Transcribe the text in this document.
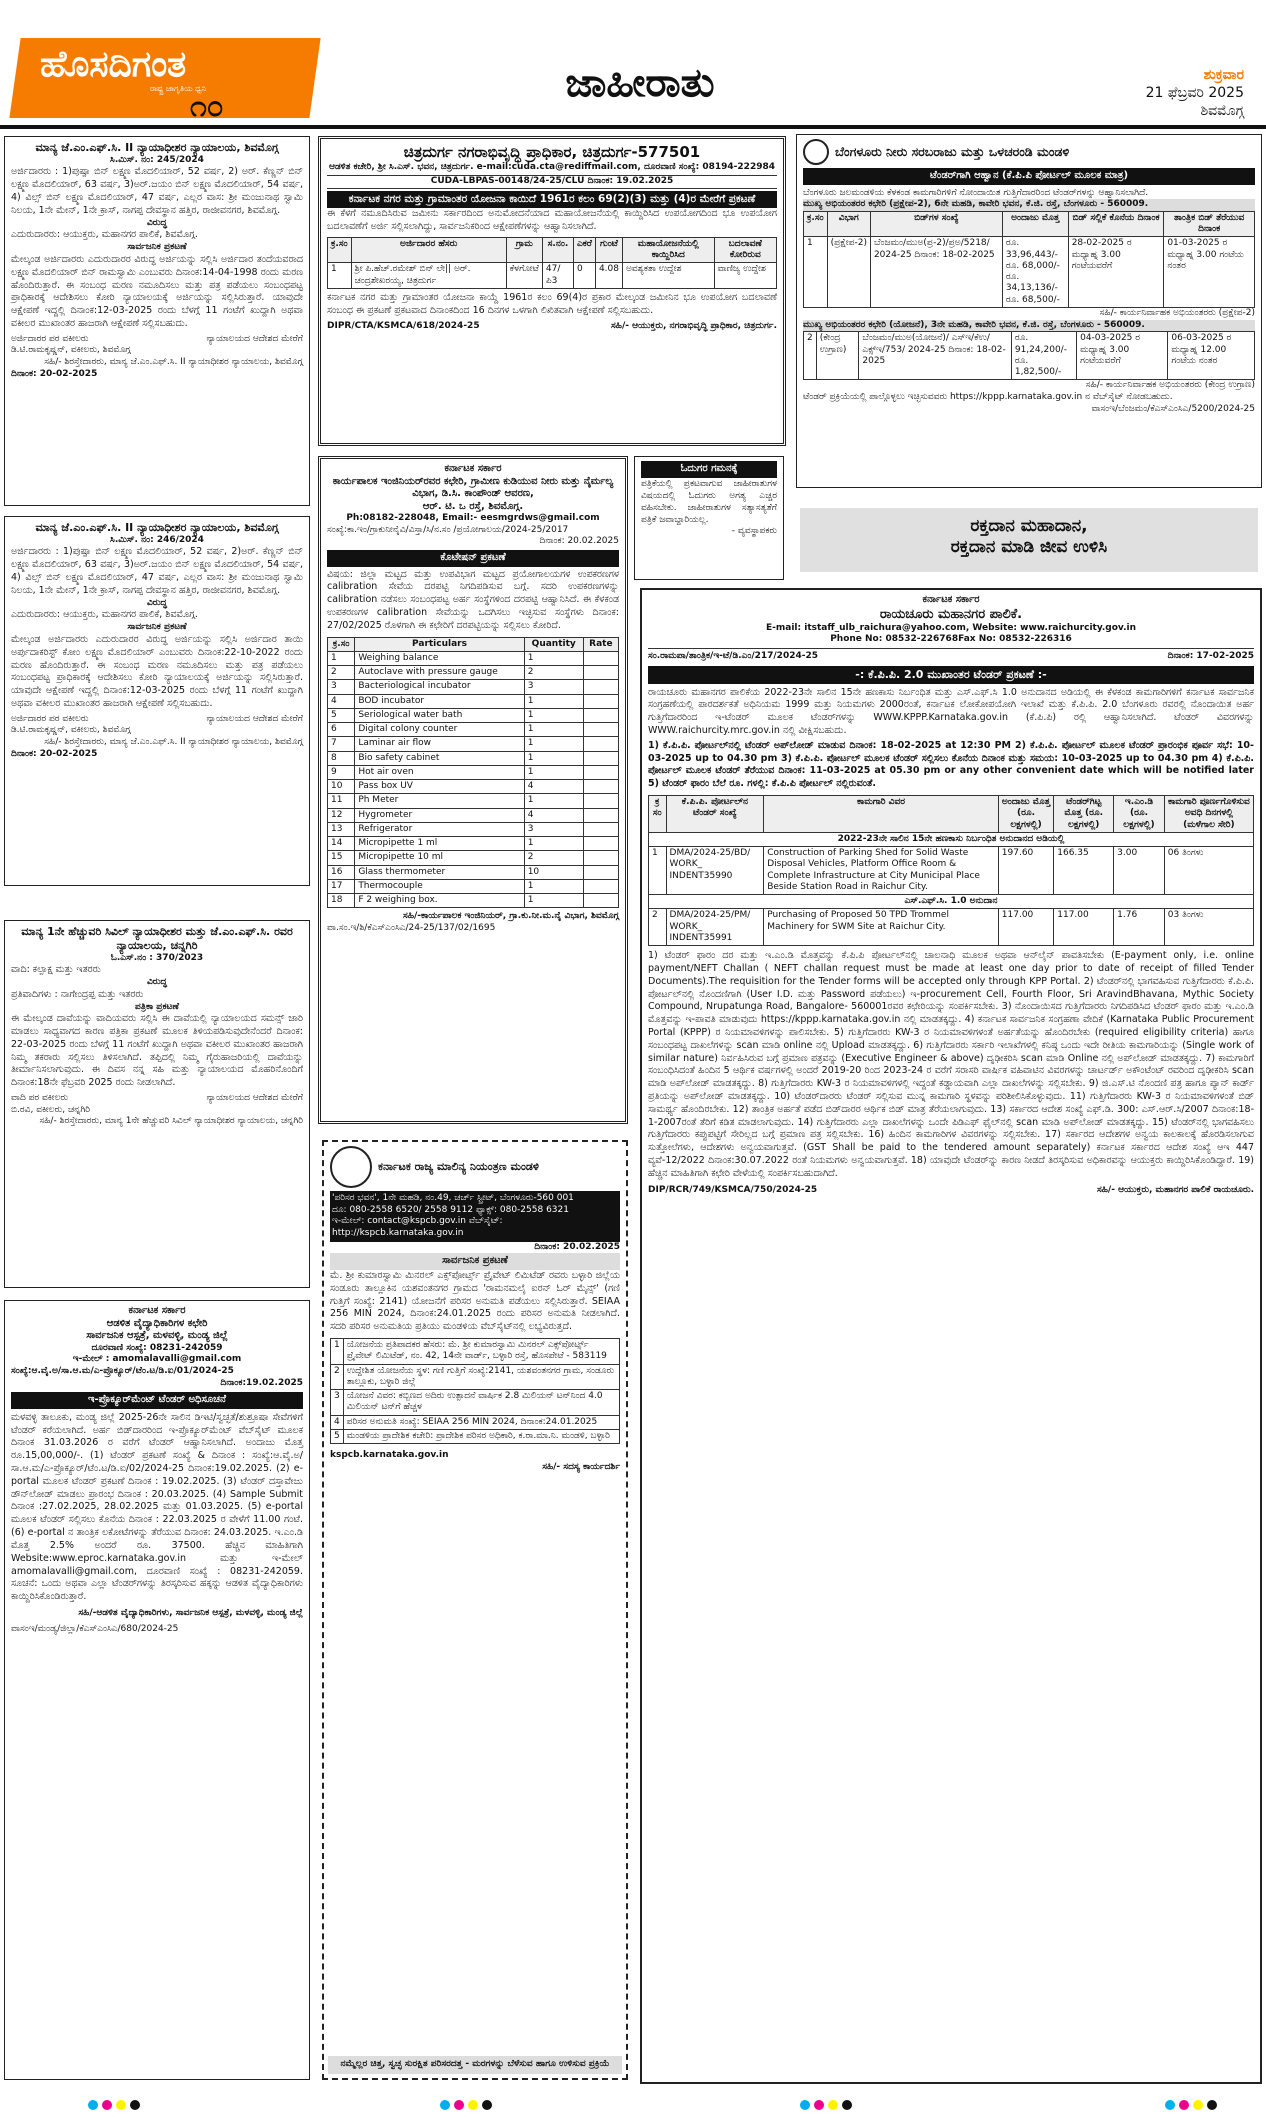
ಹೊಸದಿಗಂತ
ರಾಷ್ಟ್ರ ಜಾಗೃತಿಯ ಧ್ವನಿ
೧೦
ಜಾಹೀರಾತು	ಶುಕ್ರವಾರ
21 ಫೆಬ್ರವರಿ 2025
ಶಿವಮೊಗ್ಗ
ಮಾನ್ಯ ಜೆ.ಎಂ.ಎಫ್.ಸಿ. II ನ್ಯಾಯಾಧೀಶರ ನ್ಯಾಯಾಲಯ, ಶಿವಮೊಗ್ಗ
ಸಿ.ಮಿಸ್. ನಂ: 245/2024
ಅರ್ಜಿದಾರರು : 1)ಪುಷ್ಪಾ ಬಿನ್ ಲಕ್ಷ್ಮಣ ಮೊದಲಿಯಾರ್, 52 ವರ್ಷ, 2) ಅರ್. ಕೆಣ್ಣನ್ ಬಿನ್ ಲಕ್ಷ್ಮಣ ಮೊದಲಿಯಾರ್, 63 ವರ್ಷ, 3)ಅರ್.ಜಯಂ ಬಿನ್ ಲಕ್ಷ್ಮಣ ಮೊದಲಿಯಾರ್, 54 ವರ್ಷ, 4) ವಿಲ್ಸ್ ಬಿನ್ ಲಕ್ಷ್ಮಣ ಮೊದಲಿಯಾರ್, 47 ವರ್ಷ, ಎಲ್ಲರ ವಾಸ: ಶ್ರೀ ಮಂಜುನಾಥ ಸ್ವಾಮಿ ನಿಲಯ, 1ನೇ ಮೇನ್, 1ನೇ ಕ್ರಾಸ್, ನಾಗಪ್ಪ ದೇವಸ್ಥಾನ ಹತ್ತಿರ, ರಾಜೀವನಗರ, ಶಿವಮೊಗ್ಗ.
ವಿರುದ್ಧ
ಎದುರುದಾರರು: ಆಯುಕ್ತರು, ಮಹಾನಗರ ಪಾಲಿಕೆ, ಶಿವಮೊಗ್ಗ.
ಸಾರ್ವಜನಿಕ ಪ್ರಕಟಣೆ
ಮೇಲ್ಕಂಡ ಅರ್ಜಿದಾರರು ಎದುರುದಾರರ ವಿರುದ್ಧ ಅರ್ಜಿಯನ್ನು ಸಲ್ಲಿಸಿ ಅರ್ಜಿದಾರ ತಂದೆಯವರಾದ ಲಕ್ಷ್ಮಣ ಮೊದಲಿಯಾರ್ ಬಿನ್ ರಾಮಸ್ವಾಮಿ ಎಂಬುವರು ದಿನಾಂಕ:14-04-1998 ರಂದು ಮರಣ ಹೊಂದಿರುತ್ತಾರೆ. ಈ ಸಂಬಂಧ ಮರಣ ನಮೂದಿಸಲು ಮತ್ತು ಪತ್ರ ಪಡೆಯಲು ಸಂಬಂಧಪಟ್ಟ ಪ್ರಾಧಿಕಾರಕ್ಕೆ ಆದೇಶಿಸಲು ಕೋರಿ ನ್ಯಾಯಾಲಯಕ್ಕೆ ಅರ್ಜಿಯನ್ನು ಸಲ್ಲಿಸಿರುತ್ತಾರೆ. ಯಾವುದೇ ಆಕ್ಷೇಪಣೆ ಇದ್ದಲ್ಲಿ ದಿನಾಂಕ:12-03-2025 ರಂದು ಬೆಳಗ್ಗೆ 11 ಗಂಟೆಗೆ ಖುದ್ದಾಗಿ ಅಥವಾ ವಕೀಲರ ಮುಖಾಂತರ ಹಾಜರಾಗಿ ಆಕ್ಷೇಪಣೆ ಸಲ್ಲಿಸಬಹುದು.
ಅರ್ಜಿದಾರರ ಪರ ವಕೀಲರು	ನ್ಯಾಯಾಲಯದ ಆದೇಶದ ಮೇರೆಗೆ
ಡಿ.ಟಿ.ರಾಮಕೃಷ್ಣನ್, ವಕೀಲರು, ಶಿವಮೊಗ್ಗ
ಸಹಿ/- ಶಿರಸ್ತೇದಾರರು, ಮಾನ್ಯ ಜೆ.ಎಂ.ಎಫ್.ಸಿ. II ನ್ಯಾಯಾಧೀಶರ ನ್ಯಾಯಾಲಯ, ಶಿವಮೊಗ್ಗ
ದಿನಾಂಕ: 20-02-2025
ಮಾನ್ಯ ಜೆ.ಎಂ.ಎಫ್.ಸಿ. II ನ್ಯಾಯಾಧೀಶರ ನ್ಯಾಯಾಲಯ, ಶಿವಮೊಗ್ಗ
ಸಿ.ಮಿಸ್. ನಂ: 246/2024
ಅರ್ಜಿದಾರರು : 1)ಪುಷ್ಪಾ ಬಿನ್ ಲಕ್ಷ್ಮಣ ಮೊದಲಿಯಾರ್, 52 ವರ್ಷ, 2)ಅರ್. ಕೆಣ್ಣನ್ ಬಿನ್ ಲಕ್ಷ್ಮಣ ಮೊದಲಿಯಾರ್, 63 ವರ್ಷ, 3)ಅರ್.ಜಯಂ ಬಿನ್ ಲಕ್ಷ್ಮಣ ಮೊದಲಿಯಾರ್, 54 ವರ್ಷ, 4) ವಿಲ್ಸ್ ಬಿನ್ ಲಕ್ಷ್ಮಣ ಮೊದಲಿಯಾರ್, 47 ವರ್ಷ, ಎಲ್ಲರ ವಾಸ: ಶ್ರೀ ಮಂಜುನಾಥ ಸ್ವಾಮಿ ನಿಲಯ, 1ನೇ ಮೇನ್, 1ನೇ ಕ್ರಾಸ್, ನಾಗಪ್ಪ ದೇವಸ್ಥಾನ ಹತ್ತಿರ, ರಾಜೀವನಗರ, ಶಿವಮೊಗ್ಗ.
ವಿರುದ್ಧ
ಎದುರುದಾರರು: ಆಯುಕ್ತರು, ಮಹಾನಗರ ಪಾಲಿಕೆ, ಶಿವಮೊಗ್ಗ.
ಸಾರ್ವಜನಿಕ ಪ್ರಕಟಣೆ
ಮೇಲ್ಕಂಡ ಅರ್ಜಿದಾರರು ಎದುರುದಾರರ ವಿರುದ್ಧ ಅರ್ಜಿಯನ್ನು ಸಲ್ಲಿಸಿ ಅರ್ಜಿದಾರ ತಾಯಿ ಅರ್ಪುದಾಕರಿಸ್ಟ್ ಕೋಂ ಲಕ್ಷ್ಮಣ ಮೊದಲಿಯಾರ್ ಎಂಬುವರು ದಿನಾಂಕ:22-10-2022 ರಂದು ಮರಣ ಹೊಂದಿರುತ್ತಾರೆ. ಈ ಸಂಬಂಧ ಮರಣ ನಮೂದಿಸಲು ಮತ್ತು ಪತ್ರ ಪಡೆಯಲು ಸಂಬಂಧಪಟ್ಟ ಪ್ರಾಧಿಕಾರಕ್ಕೆ ಆದೇಶಿಸಲು ಕೋರಿ ನ್ಯಾಯಾಲಯಕ್ಕೆ ಅರ್ಜಿಯನ್ನು ಸಲ್ಲಿಸಿರುತ್ತಾರೆ. ಯಾವುದೇ ಆಕ್ಷೇಪಣೆ ಇದ್ದಲ್ಲಿ ದಿನಾಂಕ:12-03-2025 ರಂದು ಬೆಳಗ್ಗೆ 11 ಗಂಟೆಗೆ ಖುದ್ದಾಗಿ ಅಥವಾ ವಕೀಲರ ಮುಖಾಂತರ ಹಾಜರಾಗಿ ಆಕ್ಷೇಪಣೆ ಸಲ್ಲಿಸಬಹುದು.
ಅರ್ಜಿದಾರರ ಪರ ವಕೀಲರು	ನ್ಯಾಯಾಲಯದ ಆದೇಶದ ಮೇರೆಗೆ
ಡಿ.ಟಿ.ರಾಮಕೃಷ್ಣನ್, ವಕೀಲರು, ಶಿವಮೊಗ್ಗ
ಸಹಿ/- ಶಿರಸ್ತೇದಾರರು, ಮಾನ್ಯ ಜೆ.ಎಂ.ಎಫ್.ಸಿ. II ನ್ಯಾಯಾಧೀಶರ ನ್ಯಾಯಾಲಯ, ಶಿವಮೊಗ್ಗ
ದಿನಾಂಕ: 20-02-2025
ಮಾನ್ಯ 1ನೇ ಹೆಚ್ಚುವರಿ ಸಿವಿಲ್ ನ್ಯಾಯಾಧೀಶರ ಮತ್ತು ಜೆ.ಎಂ.ಎಫ್.ಸಿ. ರವರ ನ್ಯಾಯಾಲಯ, ಚನ್ನಗಿರಿ
ಓ.ಎಸ್.ನಂ : 370/2023
ವಾದಿ: ಕಲ್ಪಾಕ್ಷ ಮತ್ತು ಇತರರು
ವಿರುದ್ಧ
ಪ್ರತಿವಾದಿಗಳು : ನಾಗೇಂದ್ರಪ್ಪ ಮತ್ತು ಇತರರು
ಪತ್ರಿಕಾ ಪ್ರಕಟಣೆ
ಈ ಮೇಲ್ಕಂಡ ದಾವೆಯನ್ನು ವಾದಿಯವರು ಸಲ್ಲಿಸಿ ಈ ದಾವೆಯಲ್ಲಿ ನ್ಯಾಯಾಲಯದ ಸಮನ್ಸ್ ಜಾರಿ ಮಾಡಲು ಸಾಧ್ಯವಾಗದ ಕಾರಣ ಪತ್ರಿಕಾ ಪ್ರಕಟಣೆ ಮೂಲಕ ತಿಳಿಯಪಡಿಸುವುದೇನೆಂದರೆ ದಿನಾಂಕ: 22-03-2025 ರಂದು ಬೆಳಗ್ಗೆ 11 ಗಂಟೆಗೆ ಖುದ್ದಾಗಿ ಅಥವಾ ವಕೀಲರ ಮುಖಾಂತರ ಹಾಜರಾಗಿ ನಿಮ್ಮ ತಕರಾರು ಸಲ್ಲಿಸಲು ತಿಳಿಸಲಾಗಿದೆ. ತಪ್ಪಿದಲ್ಲಿ ನಿಮ್ಮ ಗೈರುಹಾಜರಿಯಲ್ಲಿ ದಾವೆಯನ್ನು ತೀರ್ಮಾನಿಸಲಾಗುವುದು. ಈ ದಿವಸ ನನ್ನ ಸಹಿ ಮತ್ತು ನ್ಯಾಯಾಲಯದ ಮೊಹರಿನೊಂದಿಗೆ ದಿನಾಂಕ:18ನೇ ಫೆಬ್ರವರಿ 2025 ರಂದು ನೀಡಲಾಗಿದೆ.
ವಾದಿ ಪರ ವಕೀಲರು	ನ್ಯಾಯಾಲಯದ ಆದೇಶದ ಮೇರೆಗೆ
ಬಿ.ರವಿ, ವಕೀಲರು, ಚನ್ನಗಿರಿ
ಸಹಿ/- ಶಿರಸ್ತೇದಾರರು, ಮಾನ್ಯ 1ನೇ ಹೆಚ್ಚುವರಿ ಸಿವಿಲ್ ನ್ಯಾಯಾಧೀಶರ ನ್ಯಾಯಾಲಯ, ಚನ್ನಗಿರಿ
ಕರ್ನಾಟಕ ಸರ್ಕಾರ
ಆಡಳಿತ ವೈದ್ಯಾಧಿಕಾರಿಗಳ ಕಛೇರಿ
ಸಾರ್ವಜನಿಕ ಆಸ್ಪತ್ರೆ, ಮಳವಳ್ಳಿ, ಮಂಡ್ಯ ಜಿಲ್ಲೆ
ದೂರವಾಣಿ ಸಂಖ್ಯೆ: 08231-242059
ಇ-ಮೇಲ್ : amomalavalli@gmail.com
ಸಂಖ್ಯೆ:ಆ.ವೈ.ಅ/ಸಾ.ಆ.ಮ/ಎ-ಪ್ರೊಕ್ಯೂರ್/ಟೆಂ.ಟ/ಡಿ.ಐ/01/2024-25
ದಿನಾಂಕ:19.02.2025
ಇ-ಪ್ರೊಕ್ಯೂರ್‌ಮೆಂಟ್ ಟೆಂಡರ್ ಅಧಿಸೂಚನೆ
ಮಳವಳ್ಳಿ ತಾಲೂಕು, ಮಂಡ್ಯ ಜಿಲ್ಲೆ 2025-26ನೇ ಸಾಲಿನ ಡಿಇಟಿ/ಸ್ವಚ್ಛತೆ/ಶುಶ್ರೂಷಾ ಸೇವೆಗಳಿಗೆ ಟೆಂಡರ್ ಕರೆಯಲಾಗಿದೆ. ಅರ್ಹ ಬಿಡ್‌ದಾರರಿಂದ ಇ-ಪ್ರೊಕ್ಯೂರ್‌ಮೆಂಟ್ ವೆಬ್‌ಸೈಟ್ ಮೂಲಕ ದಿನಾಂಕ 31.03.2026 ರ ವರೆಗೆ ಟೆಂಡರ್ ಆಹ್ವಾನಿಸಲಾಗಿದೆ. ಅಂದಾಜು ಮೊತ್ತ ರೂ.15,00,000/-. (1) ಟೆಂಡರ್ ಪ್ರಕಟಣೆ ಸಂಖ್ಯೆ & ದಿನಾಂಕ : ಸಂಖ್ಯೆ:ಆ.ವೈ.ಅ/ಸಾ.ಆ.ಮ/ಎ-ಪ್ರೊಕ್ಯೂರ್/ಟೆಂ.ಟ/ಡಿ.ಐ/02/2024-25 ದಿನಾಂಕ:19.02.2025. (2) e-portal ಮೂಲಕ ಟೆಂಡರ್ ಪ್ರಕಟಣೆ ದಿನಾಂಕ : 19.02.2025. (3) ಟೆಂಡರ್ ದಸ್ತಾವೇಜು ಡೌನ್‌ಲೋಡ್ ಮಾಡಲು ಪ್ರಾರಂಭ ದಿನಾಂಕ : 20.03.2025. (4) Sample Submit ದಿನಾಂಕ :27.02.2025, 28.02.2025 ಮತ್ತು 01.03.2025. (5) e-portal ಮೂಲಕ ಟೆಂಡರ್ ಸಲ್ಲಿಸಲು ಕೊನೆಯ ದಿನಾಂಕ : 22.03.2025 ರ ವೇಳೆಗೆ 11.00 ಗಂಟೆ. (6) e-portal ನ ತಾಂತ್ರಿಕ ಲಕೋಟೆಗಳನ್ನು ತೆರೆಯುವ ದಿನಾಂಕ: 24.03.2025. ಇ.ಎಂ.ಡಿ ಮೊತ್ತ 2.5% ಅಂದರೆ ರೂ. 37500. ಹೆಚ್ಚಿನ ಮಾಹಿತಿಗಾಗಿ Website:www.eproc.karnataka.gov.in ಮತ್ತು ಇ-ಮೇಲ್ amomalavalli@gmail.com, ದೂರವಾಣಿ ಸಂಖ್ಯೆ : 08231-242059. ಸೂಚನೆ: ಒಂದು ಅಥವಾ ಎಲ್ಲಾ ಟೆಂಡರ್‌ಗಳನ್ನು ತಿರಸ್ಕರಿಸುವ ಹಕ್ಕನ್ನು ಆಡಳಿತ ವೈದ್ಯಾಧಿಕಾರಿಗಳು ಕಾಯ್ದಿರಿಸಿಕೊಂಡಿರುತ್ತಾರೆ.
ಸಹಿ/-ಆಡಳಿತ ವೈದ್ಯಾಧಿಕಾರಿಗಳು, ಸಾರ್ವಜನಿಕ ಆಸ್ಪತ್ರೆ, ಮಳವಳ್ಳಿ, ಮಂಡ್ಯ ಜಿಲ್ಲೆ
ವಾಸಂಇ/ಮಂಡ್ಯ/ಜಿಲ್ಲಾ/ಕೆಎಸ್‌ಎಂಸಿಎ/680/2024-25
ಚಿತ್ರದುರ್ಗ ನಗರಾಭಿವೃದ್ಧಿ ಪ್ರಾಧಿಕಾರ, ಚಿತ್ರದುರ್ಗ-577501
ಆಡಳಿತ ಕಚೇರಿ, ಶ್ರೀ ಸಿ.ಎಸ್. ಭವನ, ಚಿತ್ರದುರ್ಗ. e-mail:cuda.cta@rediffmail.com, ದೂರವಾಣಿ ಸಂಖ್ಯೆ: 08194-222984
CUDA-LBPAS-00148/24-25/CLU ದಿನಾಂಕ: 19.02.2025
ಕರ್ನಾಟಕ ನಗರ ಮತ್ತು ಗ್ರಾಮಾಂತರ ಯೋಜನಾ ಕಾಯಿದೆ 1961ರ ಕಲಂ 69(2)(3) ಮತ್ತು (4)ರ ಮೇರೆಗೆ ಪ್ರಕಟಣೆ
ಈ ಕೆಳಗೆ ನಮೂದಿಸಿರುವ ಜಮೀನು ಸರ್ಕಾರದಿಂದ ಅನುಮೋದನೆಯಾದ ಮಹಾಯೋಜನೆಯಲ್ಲಿ ಕಾಯ್ದಿರಿಸಿದ ಉಪಯೋಗದಿಂದ ಭೂ ಉಪಯೋಗ ಬದಲಾವಣೆಗೆ ಅರ್ಜಿ ಸಲ್ಲಿಸಲಾಗಿದ್ದು, ಸಾರ್ವಜನಿಕರಿಂದ ಆಕ್ಷೇಪಣೆಗಳನ್ನು ಆಹ್ವಾನಿಸಲಾಗಿದೆ.
ಕ್ರ.ಸಂ	ಅರ್ಜಿದಾರರ ಹೆಸರು	ಗ್ರಾಮ	ಸ.ನಂ.	ಎಕರೆ	ಗುಂಟೆ	ಮಹಾಯೋಜನೆಯಲ್ಲಿ ಕಾಯ್ದಿರಿಸಿದ	ಬದಲಾವಣೆ ಕೋರಿರುವ
1	ಶ್ರೀ ಪಿ.ಹೆಚ್.ರಮೇಶ್ ಬಿನ್ ಲೇ|| ಅರ್. ಚಂದ್ರಶೇಖರಯ್ಯ, ಚಿತ್ರದುರ್ಗ	ಕೆಳಗೋಟೆ	47/ಪಿ3	0	4.08	ಅವಶ್ಯಕತಾ ಉದ್ದೇಶ	ವಾಣಿಜ್ಯ ಉದ್ದೇಶ
ಕರ್ನಾಟಕ ನಗರ ಮತ್ತು ಗ್ರಾಮಾಂತರ ಯೋಜನಾ ಕಾಯ್ದೆ 1961ರ ಕಲಂ 69(4)ರ ಪ್ರಕಾರ ಮೇಲ್ಕಂಡ ಜಮೀನಿನ ಭೂ ಉಪಯೋಗ ಬದಲಾವಣೆ ಸಂಬಂಧ ಈ ಪ್ರಕಟಣೆ ಪ್ರಕಟವಾದ ದಿನಾಂಕದಿಂದ 16 ದಿನಗಳ ಒಳಗಾಗಿ ಲಿಖಿತವಾಗಿ ಆಕ್ಷೇಪಣೆ ಸಲ್ಲಿಸಬಹುದು.
DIPR/CTA/KSMCA/618/2024-25	ಸಹಿ/- ಆಯುಕ್ತರು, ನಗರಾಭಿವೃದ್ಧಿ ಪ್ರಾಧಿಕಾರ, ಚಿತ್ರದುರ್ಗ.
ಕರ್ನಾಟಕ ಸರ್ಕಾರ
ಕಾರ್ಯಪಾಲಕ ಇಂಜಿನಿಯರ್‌ರವರ ಕಛೇರಿ, ಗ್ರಾಮೀಣ ಕುಡಿಯುವ ನೀರು ಮತ್ತು ನೈರ್ಮಲ್ಯ ವಿಭಾಗ, ಡಿ.ಸಿ. ಕಾಂಪೌಂಡ್ ಆವರಣ,
ಆರ್. ಟಿ. ಒ ರಸ್ತೆ, ಶಿವಮೊಗ್ಗ.
Ph:08182-228048, Email:- eesmgrdws@gmail.com
ಸಂಖ್ಯೆ:ಕಾ.ಇಂ/ಗ್ರಾಕುನೀನೈವಿ/ವಿಸ್ತಾ/ಸಿ/ನ.ಸಂ /ಪ್ರಯೋಗಾಲಯ/2024-25/2017
ದಿನಾಂಕ: 20.02.2025
ಕೊಟೇಷನ್ ಪ್ರಕಟಣೆ
ವಿಷಯ: ಜಿಲ್ಲಾ ಮಟ್ಟದ ಮತ್ತು ಉಪವಿಭಾಗ ಮಟ್ಟದ ಪ್ರಯೋಗಾಲಯಗಳ ಉಪಕರಣಗಳ calibration ಸೇವೆಯ ದರಪಟ್ಟಿ ನಿಗದಿಪಡಿಸುವ ಬಗ್ಗೆ. ಸದರಿ ಉಪಕರಣಗಳನ್ನು calibration ನಡೆಸಲು ಸಂಬಂಧಪಟ್ಟ ಅರ್ಹ ಸಂಸ್ಥೆಗಳಿಂದ ದರಪಟ್ಟಿ ಆಹ್ವಾನಿಸಿದೆ. ಈ ಕೆಳಕಂಡ ಉಪಕರಣಗಳ calibration ಸೇವೆಯನ್ನು ಒದಗಿಸಲು ಇಚ್ಛಿಸುವ ಸಂಸ್ಥೆಗಳು ದಿನಾಂಕ: 27/02/2025 ರೊಳಗಾಗಿ ಈ ಕಛೇರಿಗೆ ದರಪಟ್ಟಿಯನ್ನು ಸಲ್ಲಿಸಲು ಕೋರಿದೆ.
ಕ್ರ.ಸಂ	Particulars	Quantity	Rate
1	Weighing balance	1	
2	Autoclave with pressure gauge	2	
3	Bacteriological incubator	3	
4	BOD incubator	1	
5	Seriological water bath	1	
6	Digital colony counter	1	
7	Laminar air flow	1	
8	Bio safety cabinet	1	
9	Hot air oven	1	
10	Pass box UV	4	
11	Ph Meter	1	
12	Hygrometer	4	
13	Refrigerator	3	
14	Micropipette 1 ml	1	
15	Micropipette 10 ml	2	
16	Glass thermometer	10	
17	Thermocouple	1	
18	F 2 weighing box.	1	
ಸಹಿ/-ಕಾರ್ಯಪಾಲಕ ಇಂಜಿನಿಯರ್, ಗ್ರಾ.ಕು.ನೀ.ಮ.ನೈ ವಿಭಾಗ, ಶಿವಮೊಗ್ಗ
ವಾ.ಸಂ.ಇ/ಶಿ/ಕೆಎಸ್‌ಎಂಸಿಎ/24-25/137/02/1695
ಕರ್ನಾಟಕ ರಾಜ್ಯ ಮಾಲಿನ್ಯ ನಿಯಂತ್ರಣ ಮಂಡಳಿ
'ಪರಿಸರ ಭವನ', 1ನೇ ಮಹಡಿ, ನಂ.49, ಚರ್ಚ್ ಸ್ಟ್ರೀಟ್, ಬೆಂಗಳೂರು-560 001
ದೂ: 080-2558 6520/ 2558 9112 ಫ್ಯಾಕ್ಸ್: 080-2558 6321
ಇ-ಮೇಲ್: contact@kspcb.gov.in ವೆಬ್‌ಸೈಟ್: http://kspcb.karnataka.gov.in
ದಿನಾಂಕ: 20.02.2025
ಸಾರ್ವಜನಿಕ ಪ್ರಕಟಣೆ
ಮೆ. ಶ್ರೀ ಕುಮಾರಸ್ವಾಮಿ ಮಿನರಲ್ ಎಕ್ಸ್‌ಪೋರ್ಟ್ಸ್ ಪ್ರೈವೇಟ್ ಲಿಮಿಟೆಡ್ ರವರು ಬಳ್ಳಾರಿ ಜಿಲ್ಲೆಯ ಸಂಡೂರು ತಾಲ್ಲೂಕಿನ ಯಶವಂತನಗರ ಗ್ರಾಮದ 'ರಾಮನಮಲೈ ಐರನ್ ಓರ್ ಮೈನ್ಸ್' (ಗಣಿ ಗುತ್ತಿಗೆ ಸಂಖ್ಯೆ: 2141) ಯೋಜನೆಗೆ ಪರಿಸರ ಅನುಮತಿ ಪಡೆಯಲು ಸಲ್ಲಿಸಿರುತ್ತಾರೆ. SEIAA 256 MIN 2024, ದಿನಾಂಕ:24.01.2025 ರಂದು ಪರಿಸರ ಅನುಮತಿ ನೀಡಲಾಗಿದೆ. ಸದರಿ ಪರಿಸರ ಅನುಮತಿಯ ಪ್ರತಿಯು ಮಂಡಳಿಯ ವೆಬ್‌ಸೈಟ್‌ನಲ್ಲಿ ಲಭ್ಯವಿರುತ್ತದೆ.
1	ಯೋಜನೆಯ ಪ್ರತಿಪಾದಕರ ಹೆಸರು: ಮೆ. ಶ್ರೀ ಕುಮಾರಸ್ವಾಮಿ ಮಿನರಲ್ ಎಕ್ಸ್‌ಪೋರ್ಟ್ಸ್ ಪ್ರೈವೇಟ್ ಲಿಮಿಟೆಡ್, ನಂ. 42, 14ನೇ ವಾರ್ಡ್, ಬಳ್ಳಾರಿ ರಸ್ತೆ, ಹೊಸಪೇಟೆ - 583119
2	ಉದ್ದೇಶಿತ ಯೋಜನೆಯ ಸ್ಥಳ: ಗಣಿ ಗುತ್ತಿಗೆ ಸಂಖ್ಯೆ:2141, ಯಶವಂತನಗರ ಗ್ರಾಮ, ಸಂಡೂರು ತಾಲ್ಲೂಕು, ಬಳ್ಳಾರಿ ಜಿಲ್ಲೆ
3	ಯೋಜನೆ ವಿವರ: ಕಬ್ಬಿಣದ ಅದಿರು ಉತ್ಪಾದನೆ ವಾರ್ಷಿಕ 2.8 ಮಿಲಿಯನ್ ಟನ್‌ನಿಂದ 4.0 ಮಿಲಿಯನ್ ಟನ್‌ಗೆ ಹೆಚ್ಚಳ
4	ಪರಿಸರ ಅನುಮತಿ ಸಂಖ್ಯೆ: SEIAA 256 MIN 2024, ದಿನಾಂಕ:24.01.2025
5	ಮಂಡಳಿಯ ಪ್ರಾದೇಶಿಕ ಕಚೇರಿ: ಪ್ರಾದೇಶಿಕ ಪರಿಸರ ಅಧಿಕಾರಿ, ಕ.ರಾ.ಮಾ.ನಿ. ಮಂಡಳಿ, ಬಳ್ಳಾರಿ
kspcb.karnataka.gov.in
ಸಹಿ/- ಸದಸ್ಯ ಕಾರ್ಯದರ್ಶಿ
ನಮ್ಮೆಲ್ಲರ ಚಿತ್ತ, ಸ್ವಚ್ಛ ಸುರಕ್ಷಿತ ಪರಿಸರದತ್ತ - ಮರಗಳನ್ನು ಬೆಳೆಸುವ ಹಾಗೂ ಉಳಿಸುವ ಪ್ರಕ್ರಿಯೆ
ಓದುಗರ ಗಮನಕ್ಕೆ
ಪತ್ರಿಕೆಯಲ್ಲಿ ಪ್ರಕಟವಾಗುವ ಜಾಹೀರಾತುಗಳ ವಿಷಯದಲ್ಲಿ ಓದುಗರು ಅಗತ್ಯ ಎಚ್ಚರ ವಹಿಸಬೇಕು. ಜಾಹೀರಾತುಗಳ ಸತ್ಯಾಸತ್ಯತೆಗೆ ಪತ್ರಿಕೆ ಜವಾಬ್ದಾರಿಯಲ್ಲ.
- ವ್ಯವಸ್ಥಾಪಕರು
ಬೆಂಗಳೂರು ನೀರು ಸರಬರಾಜು ಮತ್ತು ಒಳಚರಂಡಿ ಮಂಡಳಿ
ಟೆಂಡರ್‌ಗಾಗಿ ಆಹ್ವಾನ (ಕೆ.ಪಿ.ಪಿ ಪೋರ್ಟಲ್ ಮೂಲಕ ಮಾತ್ರ)
ಬೆಂಗಳೂರು ಜಲಮಂಡಳಿಯ ಕೆಳಕಂಡ ಕಾಮಗಾರಿಗಳಿಗೆ ನೋಂದಾಯಿತ ಗುತ್ತಿಗೆದಾರರಿಂದ ಟೆಂಡರ್‌ಗಳನ್ನು ಆಹ್ವಾನಿಸಲಾಗಿದೆ.
ಮುಖ್ಯ ಅಭಿಯಂತರರ ಕಛೇರಿ (ಪ್ರಕ್ಷೇಪ-2), 6ನೇ ಮಹಡಿ, ಕಾವೇರಿ ಭವನ, ಕೆ.ಜಿ. ರಸ್ತೆ, ಬೆಂಗಳೂರು - 560009.
ಕ್ರ.ಸಂ	ವಿಭಾಗ	ಬಿಡ್‌ಗಳ ಸಂಖ್ಯೆ	ಅಂದಾಜು ಮೊತ್ತ	ಬಿಡ್ ಸಲ್ಲಿಕೆ ಕೊನೆಯ ದಿನಾಂಕ	ತಾಂತ್ರಿಕ ಬಿಡ್ ತೆರೆಯುವ ದಿನಾಂಕ
1	(ಪ್ರಕ್ಷೇಪ-2)	ಬೆಂಜಮಂ/ಮುಅ(ಪ್ರ-2)/ಪ್ರಅ/5218/ 2024-25 ದಿನಾಂಕ: 18-02-2025	ರೂ. 33,96,443/-
ರೂ. 68,000/-
ರೂ. 34,13,136/-
ರೂ. 68,500/-	28-02-2025 ರ ಮಧ್ಯಾಹ್ನ 3.00 ಗಂಟೆಯವರೆಗೆ	01-03-2025 ರ ಮಧ್ಯಾಹ್ನ 3.00 ಗಂಟೆಯ ನಂತರ
ಸಹಿ/- ಕಾರ್ಯನಿರ್ವಾಹಕ ಅಭಿಯಂತರರು (ಪ್ರಕ್ಷೇಪ-2)
ಮುಖ್ಯ ಅಭಿಯಂತರರ ಕಛೇರಿ (ಯೋಜನೆ), 3ನೇ ಮಹಡಿ, ಕಾವೇರಿ ಭವನ, ಕೆ.ಜಿ. ರಸ್ತೆ, ಬೆಂಗಳೂರು - 560009.
2	(ಕೇಂದ್ರ ಉಗ್ರಾಣ)	ಬೆಂಜಮಂ/ಮುಅ(ಯೋಜನೆ)/ ಎಸ್‌ಇ/ಕೆಉ/ಎಕ್ಸ್‌ಇ/753/ 2024-25 ದಿನಾಂಕ: 18-02-2025	
ರೂ. 91,24,200/-
ರೂ. 1,82,500/-
	04-03-2025 ರ ಮಧ್ಯಾಹ್ನ 3.00 ಗಂಟೆಯವರೆಗೆ	06-03-2025 ರ ಮಧ್ಯಾಹ್ನ 12.00 ಗಂಟೆಯ ನಂತರ
ಸಹಿ/- ಕಾರ್ಯನಿರ್ವಾಹಕ ಅಭಿಯಂತರರು (ಕೇಂದ್ರ ಉಗ್ರಾಣ)
ಟೆಂಡರ್ ಪ್ರಕ್ರಿಯೆಯಲ್ಲಿ ಪಾಲ್ಗೊಳ್ಳಲು ಇಚ್ಛಿಸುವವರು https://kppp.karnataka.gov.in ನ ವೆಬ್‌ಸೈಟ್ ನೋಡಬಹುದು.
ವಾಸಂಇ/ಬೆಂಜಮಂ/ಕೆಎಸ್‌ಎಂಸಿಎ/5200/2024-25
ರಕ್ತದಾನ ಮಹಾದಾನ,
ರಕ್ತದಾನ ಮಾಡಿ ಜೀವ ಉಳಿಸಿ
ಕರ್ನಾಟಕ ಸರ್ಕಾರ
ರಾಯಚೂರು ಮಹಾನಗರ ಪಾಲಿಕೆ.
E-mail: itstaff_ulb_raichura@yahoo.com, Website: www.raichurcity.gov.in
Phone No: 08532-226768Fax No: 08532-226316
ಸಂ.ರಾಮಪಾ/ತಾಂತ್ರಿಕ/ಇ-ಟೆ/ಡಿ.ಎಂ/217/2024-25	ದಿನಾಂಕ: 17-02-2025
-: ಕೆ.ಪಿ.ಪಿ. 2.0 ಮುಖಾಂತರ ಟೆಂಡರ್ ಪ್ರಕಟಣೆ :-
ರಾಯಚೂರು ಮಹಾನಗರ ಪಾಲಿಕೆಯ 2022-23ನೇ ಸಾಲಿನ 15ನೇ ಹಣಕಾಸು ನಿರ್ಬಂಧಿತ ಮತ್ತು ಎಸ್.ಎಫ್.ಸಿ 1.0 ಅನುದಾನದ ಅಡಿಯಲ್ಲಿ ಈ ಕೆಳಕಂಡ ಕಾಮಗಾರಿಗಳಿಗೆ ಕರ್ನಾಟಕ ಸಾರ್ವಜನಿಕ ಸಂಗ್ರಹಣೆಯಲ್ಲಿ ಪಾರದರ್ಶಕತೆ ಅಧಿನಿಯಮ 1999 ಮತ್ತು ನಿಯಮಗಳು 2000ರಂತೆ, ಕರ್ನಾಟಕ ಲೋಕೋಪಯೋಗಿ ಇಲಾಖೆ ಮತ್ತು ಕೆ.ಪಿ.ಪಿ. 2.0 ಬೆಂಗಳೂರು ರವರಲ್ಲಿ ನೊಂದಾಯಿತ ಅರ್ಹ ಗುತ್ತಿಗೆದಾರರಿಂದ ಇ-ಟೆಂಡರ್ ಮೂಲಕ ಟೆಂಡರ್‌ಗಳನ್ನು WWW.KPPP.Karnataka.gov.in (ಕೆ.ಪಿ.ಪಿ) ರಲ್ಲಿ ಆಹ್ವಾನಿಸಲಾಗಿದೆ. ಟೆಂಡರ್ ವಿವರಗಳನ್ನು WWW.raichurcity.mrc.gov.in ನಲ್ಲಿ ವೀಕ್ಷಿಸಬಹುದು.
1) ಕೆ.ಪಿ.ಪಿ. ಪೋರ್ಟಲ್‌ನಲ್ಲಿ ಟೆಂಡರ್ ಅಪ್‌ಲೋಡ್ ಮಾಡುವ ದಿನಾಂಕ: 18-02-2025 at 12:30 PM 2) ಕೆ.ಪಿ.ಪಿ. ಪೋರ್ಟಲ್ ಮೂಲಕ ಟೆಂಡರ್ ಪ್ರಾರಂಭಿಕ ಪೂರ್ವ ಸಭೆ: 10-03-2025 up to 04.30 pm 3) ಕೆ.ಪಿ.ಪಿ. ಪೋರ್ಟಲ್ ಮೂಲಕ ಟೆಂಡರ್ ಸಲ್ಲಿಸಲು ಕೊನೆಯ ದಿನಾಂಕ ಮತ್ತು ಸಮಯ: 10-03-2025 up to 04.30 pm 4) ಕೆ.ಪಿ.ಪಿ. ಪೋರ್ಟಲ್ ಮೂಲಕ ಟೆಂಡರ್ ತೆರೆಯುವ ದಿನಾಂಕ: 11-03-2025 at 05.30 pm or any other convenient date which will be notified later 5) ಟೆಂಡರ್ ಫಾರಂ ಬೆಲೆ ರೂ. ಗಳಲ್ಲಿ: ಕೆ.ಪಿ.ಪಿ ಪೋರ್ಟಲ್ ನಲ್ಲಿರುವಂತೆ.
ಕ್ರ ಸಂ	ಕೆ.ಪಿ.ಪಿ. ಪೋರ್ಟಲ್‌ನ ಟೆಂಡರ್ ಸಂಖ್ಯೆ	ಕಾಮಗಾರಿ ವಿವರ	ಅಂದಾಜು ಮೊತ್ತ (ರೂ. ಲಕ್ಷಗಳಲ್ಲಿ)	ಟೆಂಡರ್‌ಗಿಟ್ಟ ಮೊತ್ತ (ರೂ. ಲಕ್ಷಗಳಲ್ಲಿ)	ಇ.ಎಂ.ಡಿ (ರೂ. ಲಕ್ಷಗಳಲ್ಲಿ)	ಕಾಮಗಾರಿ ಪೂರ್ಣಗೊಳಿಸುವ ಅವಧಿ ದಿನಗಳಲ್ಲಿ (ಮಳೆಗಾಲ ಸೇರಿ)
2022-23ನೇ ಸಾಲಿನ 15ನೇ ಹಣಕಾಸು ನಿರ್ಬಂಧಿತ ಅನುದಾನದ ಅಡಿಯಲ್ಲಿ						
1	DMA/2024-25/BD/ WORK_ INDENT35990	Construction of Parking Shed for Solid Waste Disposal Vehicles, Platform Office Room & Complete Infrastructure at City Municipal Place Beside Station Road in Raichur City.	197.60	166.35	3.00	06 ತಿಂಗಳು
ಎಸ್.ಎಫ್.ಸಿ. 1.0 ಅನುದಾನ						
2	DMA/2024-25/PM/ WORK_ INDENT35991	Purchasing of Proposed 50 TPD Trommel Machinery for SWM Site at Raichur City.	117.00	117.00	1.76	03 ತಿಂಗಳು
1) ಟೆಂಡರ್ ಫಾರಂ ದರ ಮತ್ತು ಇ.ಎಂ.ಡಿ ಮೊತ್ತವನ್ನು ಕೆ.ಪಿ.ಪಿ ಪೋರ್ಟಲ್‌ನಲ್ಲಿ ಚಾಲನಾಧಿ ಮೂಲಕ ಅಥವಾ ಆನ್‌ಲೈನ್ ಪಾವತಿಸಬೇಕು (E-payment only, i.e. online payment/NEFT Challan ( NEFT challan request must be made at least one day prior to date of receipt of filled Tender Documents).The requisition for the Tender forms will be accepted only through KPP Portal. 2) ಟೆಂಡರ್‌ನಲ್ಲಿ ಭಾಗವಹಿಸುವ ಗುತ್ತಿಗೆದಾರರು ಕೆ.ಪಿ.ಪಿ. ಪೋರ್ಟಲ್‌ನಲ್ಲಿ ನೊಂದಣಿಗಾಗಿ (User I.D. ಮತ್ತು Password ಪಡೆಯಲು) ಇ-procurement Cell, Fourth Floor, Sri AravindBhavana, Mythic Society Compound, Nrupatunga Road, Bangalore- 560001ರವರ ಕಛೇರಿಯನ್ನು ಸಂಪರ್ಕಿಸಬೇಕು. 3) ನೊಂದಾಯಿಸದ ಗುತ್ತಿಗೆದಾರರು ನಿಗದಿಪಡಿಸಿದ ಟೆಂಡರ್ ಫಾರಂ ಮತ್ತು ಇ.ಎಂ.ಡಿ ಮೊತ್ತವನ್ನು ಇ-ಪಾವತಿ ಮಾಡುವುದು https://kppp.karnataka.gov.in ನಲ್ಲಿ ಮಾಡತಕ್ಕದ್ದು. 4) ಕರ್ನಾಟಕ ಸಾರ್ವಜನಿಕ ಸಂಗ್ರಹಣಾ ವೇದಿಕೆ (Karnataka Public Procurement Portal (KPPP) ರ ನಿಯಮಾವಳಿಗಳನ್ನು ಪಾಲಿಸಬೇಕು. 5) ಗುತ್ತಿಗೆದಾರರು KW-3 ರ ನಿಯಮಾವಳಿಗಳಂತೆ ಅರ್ಹತೆಯನ್ನು ಹೊಂದಿರಬೇಕು (required eligibility criteria) ಹಾಗೂ ಸಂಬಂಧಪಟ್ಟ ದಾಖಲೆಗಳನ್ನು scan ಮಾಡಿ online ನಲ್ಲಿ Upload ಮಾಡತಕ್ಕದ್ದು. 6) ಗುತ್ತಿಗೆದಾರರು ಸರ್ಕಾರಿ ಇಲಾಖೆಗಳಲ್ಲಿ ಕನಿಷ್ಠ ಒಂದು ಇದೇ ರೀತಿಯ ಕಾಮಗಾರಿಯನ್ನು (Single work of similar nature) ನಿರ್ವಹಿಸಿರುವ ಬಗ್ಗೆ ಪ್ರಮಾಣ ಪತ್ರವನ್ನು (Executive Engineer & above) ದೃಢೀಕರಿಸಿ scan ಮಾಡಿ Online ನಲ್ಲಿ ಅಪ್‌ಲೋಡ್ ಮಾಡತಕ್ಕದ್ದು. 7) ಕಾಮಗಾರಿಗೆ ಸಂಬಂಧಿಸಿದಂತೆ ಹಿಂದಿನ 5 ಆರ್ಥಿಕ ವರ್ಷಗಳಲ್ಲಿ ಅಂದರೆ 2019-20 ರಿಂದ 2023-24 ರ ವರೆಗೆ ಸರಾಸರಿ ವಾರ್ಷಿಕ ವಹಿವಾಟಿನ ವಿವರಗಳನ್ನು ಚಾರ್ಟರ್ಡ್ ಅಕೌಂಟೆಂಟ್ ರವರಿಂದ ದೃಢೀಕರಿಸಿ scan ಮಾಡಿ ಅಪ್‌ಲೋಡ್ ಮಾಡತಕ್ಕದ್ದು. 8) ಗುತ್ತಿಗೆದಾರರು KW-3 ರ ನಿಯಮಾವಳಿಗಳಲ್ಲಿ ಇದ್ದಂತೆ ಕಡ್ಡಾಯವಾಗಿ ಎಲ್ಲಾ ದಾಖಲೆಗಳನ್ನು ಸಲ್ಲಿಸಬೇಕು. 9) ಜಿ.ಎಸ್.ಟಿ ನೊಂದಣಿ ಪತ್ರ ಹಾಗೂ ಪ್ಯಾನ್ ಕಾರ್ಡ್ ಪ್ರತಿಯನ್ನು ಅಪ್‌ಲೋಡ್ ಮಾಡತಕ್ಕದ್ದು. 10) ಟೆಂಡರ್‌ದಾರರು ಟೆಂಡರ್ ಸಲ್ಲಿಸುವ ಮುನ್ನ ಕಾಮಗಾರಿ ಸ್ಥಳವನ್ನು ಪರಿಶೀಲಿಸಿಕೊಳ್ಳುವುದು. 11) ಗುತ್ತಿಗೆದಾರರು KW-3 ರ ನಿಯಮಾವಳಿಗಳಂತೆ ಬಿಡ್ ಸಾಮರ್ಥ್ಯ ಹೊಂದಿರಬೇಕು. 12) ತಾಂತ್ರಿಕ ಅರ್ಹತೆ ಪಡೆದ ಬಿಡ್‌ದಾರರ ಆರ್ಥಿಕ ಬಿಡ್ ಮಾತ್ರ ತೆರೆಯಲಾಗುವುದು. 13) ಸರ್ಕಾರದ ಆದೇಶ ಸಂಖ್ಯೆ ಎಫ್.ಡಿ. 300: ಎಸ್.ಆರ್.ಸಿ/2007 ದಿನಾಂಕ:18-1-2007ರಂತೆ ತೆರಿಗೆ ಕಡಿತ ಮಾಡಲಾಗುವುದು. 14) ಗುತ್ತಿಗೆದಾರರು ಎಲ್ಲಾ ದಾಖಲೆಗಳನ್ನು ಒಂದೇ ಪಿಡಿಎಫ್ ಫೈಲ್‌ನಲ್ಲಿ scan ಮಾಡಿ ಅಪ್‌ಲೋಡ್ ಮಾಡತಕ್ಕದ್ದು. 15) ಟೆಂಡರ್‌ನಲ್ಲಿ ಭಾಗವಹಿಸಲು ಗುತ್ತಿಗೆದಾರರು ಕಪ್ಪುಪಟ್ಟಿಗೆ ಸೇರಿಲ್ಲದ ಬಗ್ಗೆ ಪ್ರಮಾಣ ಪತ್ರ ಸಲ್ಲಿಸಬೇಕು. 16) ಹಿಂದಿನ ಕಾಮಗಾರಿಗಳ ವಿವರಗಳನ್ನು ಸಲ್ಲಿಸಬೇಕು. 17) ಸರ್ಕಾರದ ಆದೇಶಗಳ ಅನ್ವಯ ಕಾಲಕಾಲಕ್ಕೆ ಹೊರಡಿಸಲಾಗುವ ಸುತ್ತೋಲೆಗಳು, ಆದೇಶಗಳು ಅನ್ವಯವಾಗುತ್ತವೆ. (GST Shall be paid to the tendered amount separately) ಕರ್ನಾಟಕ ಸರ್ಕಾರದ ಆದೇಶ ಸಂಖ್ಯೆ ಆಇ 447 ವ್ಯವೆ-12/2022 ದಿನಾಂಕ:30.07.2022 ರಂತೆ ನಿಯಮಗಳು ಅನ್ವಯವಾಗುತ್ತವೆ. 18) ಯಾವುದೇ ಟೆಂಡರ್‌ನ್ನು ಕಾರಣ ನೀಡದೆ ತಿರಸ್ಕರಿಸುವ ಅಧಿಕಾರವನ್ನು ಆಯುಕ್ತರು ಕಾಯ್ದಿರಿಸಿಕೊಂಡಿದ್ದಾರೆ. 19) ಹೆಚ್ಚಿನ ಮಾಹಿತಿಗಾಗಿ ಕಛೇರಿ ವೇಳೆಯಲ್ಲಿ ಸಂಪರ್ಕಿಸಬಹುದಾಗಿದೆ.
DIP/RCR/749/KSMCA/750/2024-25	ಸಹಿ/- ಆಯುಕ್ತರು, ಮಹಾನಗರ ಪಾಲಿಕೆ ರಾಯಚೂರು.
